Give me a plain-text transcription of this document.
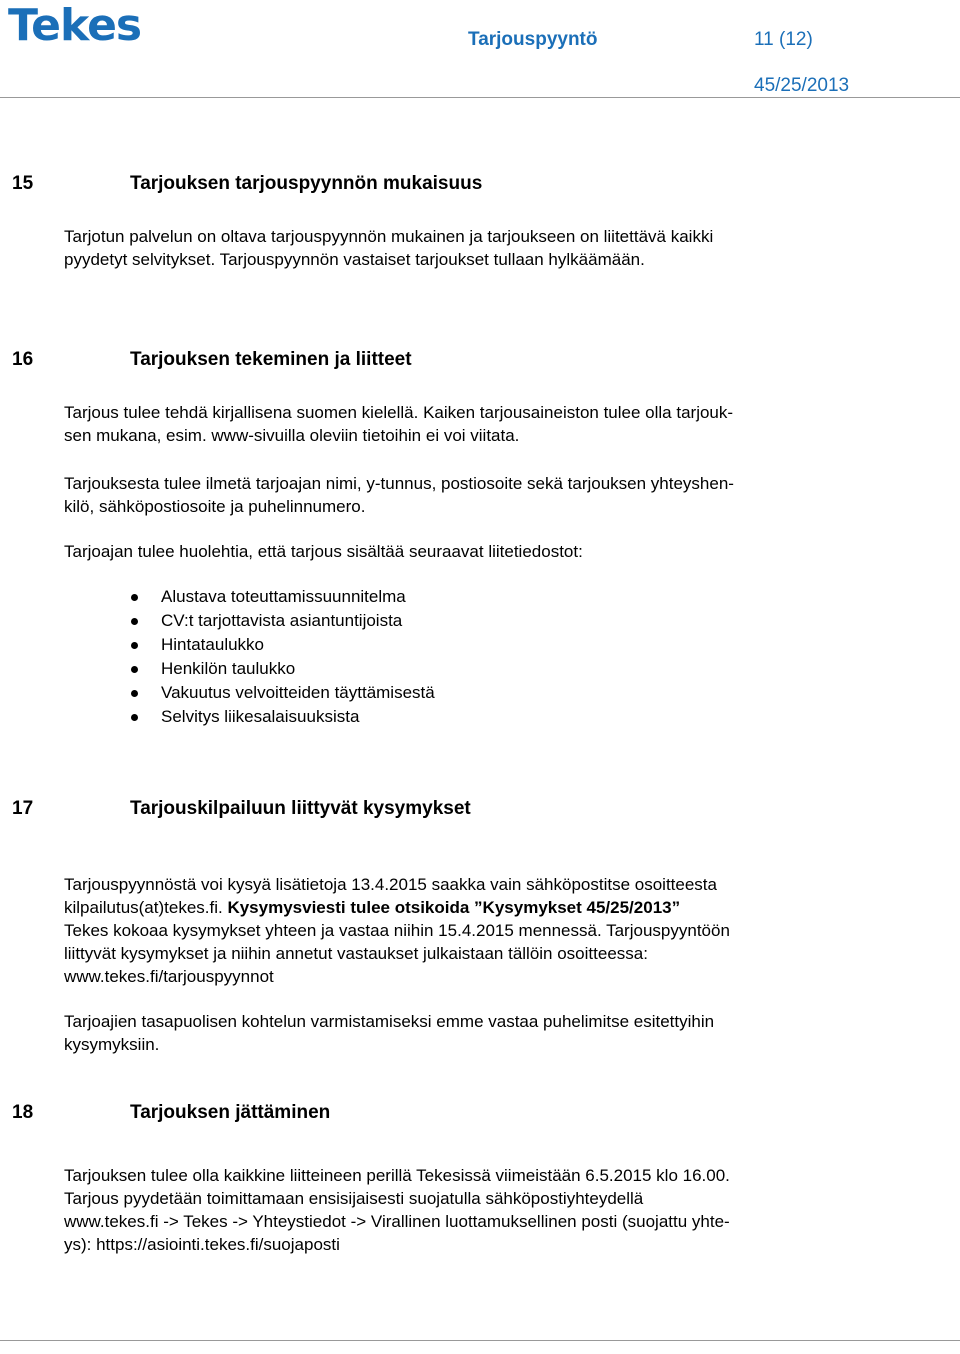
Tekes	Tarjouspyyntö	11 (12)
45/25/2013
15	Tarjouksen tarjouspyynnön mukaisuus
Tarjotun palvelun on oltava tarjouspyynnön mukainen ja tarjoukseen on liitettävä kaikki
pyydetyt selvitykset. Tarjouspyynnön vastaiset tarjoukset tullaan hylkäämään.
16	Tarjouksen tekeminen ja liitteet
Tarjous tulee tehdä kirjallisena suomen kielellä. Kaiken tarjousaineiston tulee olla tarjouk-
sen mukana, esim. www-sivuilla oleviin tietoihin ei voi viitata.
Tarjouksesta tulee ilmetä tarjoajan nimi, y-tunnus, postiosoite sekä tarjouksen yhteyshen-
kilö, sähköpostiosoite ja puhelinnumero.
Tarjoajan tulee huolehtia, että tarjous sisältää seuraavat liitetiedostot:
Alustava toteuttamissuunnitelma
CV:t tarjottavista asiantuntijoista
Hintataulukko
Henkilön taulukko
Vakuutus velvoitteiden täyttämisestä
Selvitys liikesalaisuuksista
17	Tarjouskilpailuun liittyvät kysymykset
Tarjouspyynnöstä voi kysyä lisätietoja 13.4.2015 saakka vain sähköpostitse osoitteesta
kilpailutus(at)tekes.fi. Kysymysviesti tulee otsikoida ”Kysymykset 45/25/2013”
Tekes kokoaa kysymykset yhteen ja vastaa niihin 15.4.2015 mennessä. Tarjouspyyntöön
liittyvät kysymykset ja niihin annetut vastaukset julkaistaan tällöin osoitteessa:
www.tekes.fi/tarjouspyynnot
Tarjoajien tasapuolisen kohtelun varmistamiseksi emme vastaa puhelimitse esitettyihin
kysymyksiin.
18	Tarjouksen jättäminen
Tarjouksen tulee olla kaikkine liitteineen perillä Tekesissä viimeistään 6.5.2015 klo 16.00.
Tarjous pyydetään toimittamaan ensisijaisesti suojatulla sähköpostiyhteydellä
www.tekes.fi -> Tekes -> Yhteystiedot -> Virallinen luottamuksellinen posti (suojattu yhte-
ys): https://asiointi.tekes.fi/suojaposti
